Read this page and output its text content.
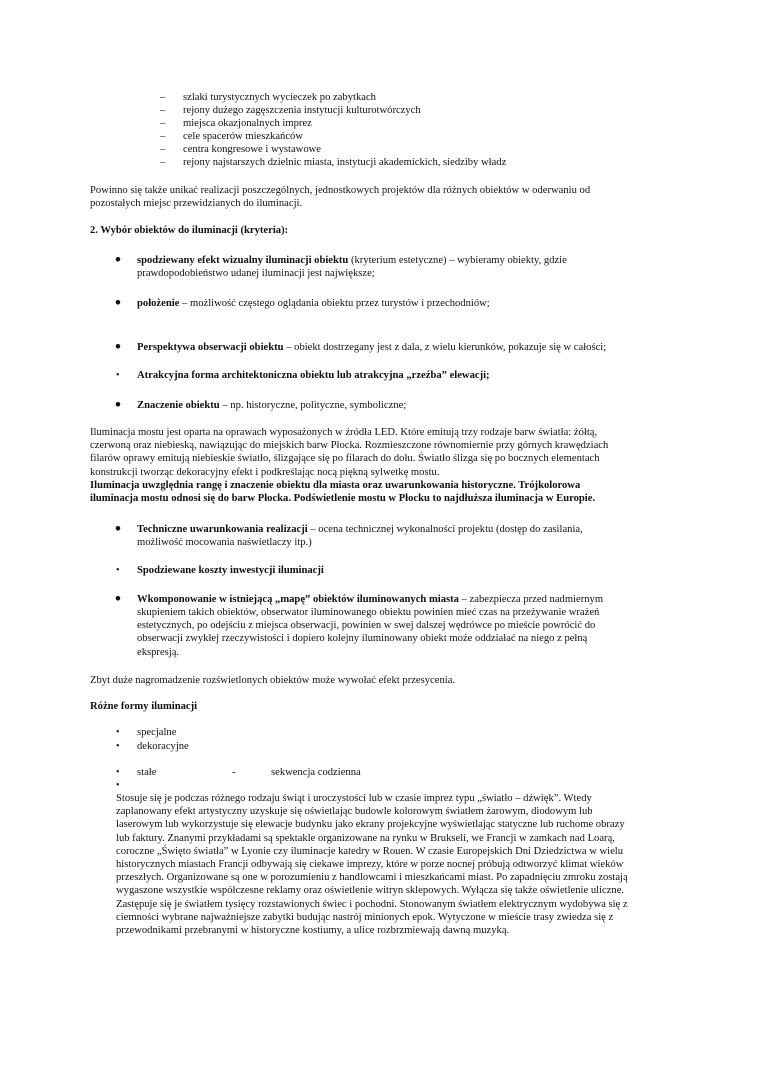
– szlaki turystycznych wycieczek po zabytkach
– rejony dużego zagęszczenia instytucji kulturotwórczych
– miejsca okazjonalnych imprez
– cele spacerów mieszkańców
– centra kongresowe i wystawowe
– rejony najstarszych dzielnic miasta, instytucji akademickich, siedziby władz
Powinno się także unikać realizacji poszczególnych, jednostkowych projektów dla różnych obiektów w oderwaniu od
pozostałych miejsc przewidzianych do iluminacji.
2. Wybór obiektów do iluminacji (kryteria):
• spodziewany efekt wizualny iluminacji obiektu (kryterium estetyczne) – wybieramy obiekty, gdzie
prawdopodobieństwo udanej iluminacji jest największe;
• położenie – możliwość częstego oglądania obiektu przez turystów i przechodniów;
• Perspektywa obserwacji obiektu – obiekt dostrzegany jest z dala, z wielu kierunków, pokazuje się w całości;
• Atrakcyjna forma architektoniczna obiektu lub atrakcyjna „rzeźba” elewacji;
• Znaczenie obiektu – np. historyczne, polityczne, symboliczne;
Iluminacja mostu jest oparta na oprawach wyposażonych w źródła LED. Które emitują trzy rodzaje barw światła: żółtą,
czerwoną oraz niebieską, nawiązując do miejskich barw Płocka. Rozmieszczone równomiernie przy górnych krawędziach
filarów oprawy emitują niebieskie światło, ślizgające się po filarach do dołu. Światło ślizga się po bocznych elementach
konstrukcji tworząc dekoracyjny efekt i podkreślając nocą piękną sylwetkę mostu.
Iluminacja uwzględnia rangę i znaczenie obiektu dla miasta oraz uwarunkowania historyczne. Trójkolorowa
iluminacja mostu odnosi się do barw Płocka. Podświetlenie mostu w Płocku to najdłuższa iluminacja w Europie.
• Techniczne uwarunkowania realizacji – ocena technicznej wykonalności projektu (dostęp do zasilania,
możliwość mocowania naświetlaczy itp.)
• Spodziewane koszty inwestycji iluminacji
• Wkomponowanie w istniejącą „mapę” obiektów iluminowanych miasta – zabezpiecza przed nadmiernym
skupieniem takich obiektów, obserwator iluminowanego obiektu powinien mieć czas na przeżywanie wrażeń
estetycznych, po odejściu z miejsca obserwacji, powinien w swej dalszej wędrówce po mieście powrócić do
obserwacji zwykłej rzeczywistości i dopiero kolejny iluminowany obiekt może oddziałać na niego z pełną
ekspresją.
Zbyt duże nagromadzenie rozświetlonych obiektów może wywołać efekt przesycenia.
Różne formy iluminacji
• specjalne
• dekoracyjne
• stałe	-	sekwencja codzienna
•
Stosuje się je podczas różnego rodzaju świąt i uroczystości lub w czasie imprez typu „światło – dźwięk”. Wtedy
zaplanowany efekt artystyczny uzyskuje się oświetlając budowle kolorowym światłem żarowym, diodowym lub
laserowym lub wykorzystuje się elewacje budynku jako ekrany projekcyjne wyświetlając statyczne lub ruchome obrazy
lub faktury. Znanymi przykładami są spektakle organizowane na rynku w Brukseli, we Francji w zamkach nad Loarą,
coroczne „Święto światła” w Lyonie czy iluminacje katedry w Rouen. W czasie Europejskich Dni Dziedzictwa w wielu
historycznych miastach Francji odbywają się ciekawe imprezy, które w porze nocnej próbują odtworzyć klimat wieków
przeszłych. Organizowane są one w porozumieniu z handlowcami i mieszkańcami miast. Po zapadnięciu zmroku zostają
wygaszone wszystkie współczesne reklamy oraz oświetlenie witryn sklepowych. Wyłącza się także oświetlenie uliczne.
Zastępuje się je światłem tysięcy rozstawionych świec i pochodni. Stonowanym światłem elektrycznym wydobywa się z
ciemności wybrane najważniejsze zabytki budując nastrój minionych epok. Wytyczone w mieście trasy zwiedza się z
przewodnikami przebranymi w historyczne kostiumy, a ulice rozbrzmiewają dawną muzyką.
